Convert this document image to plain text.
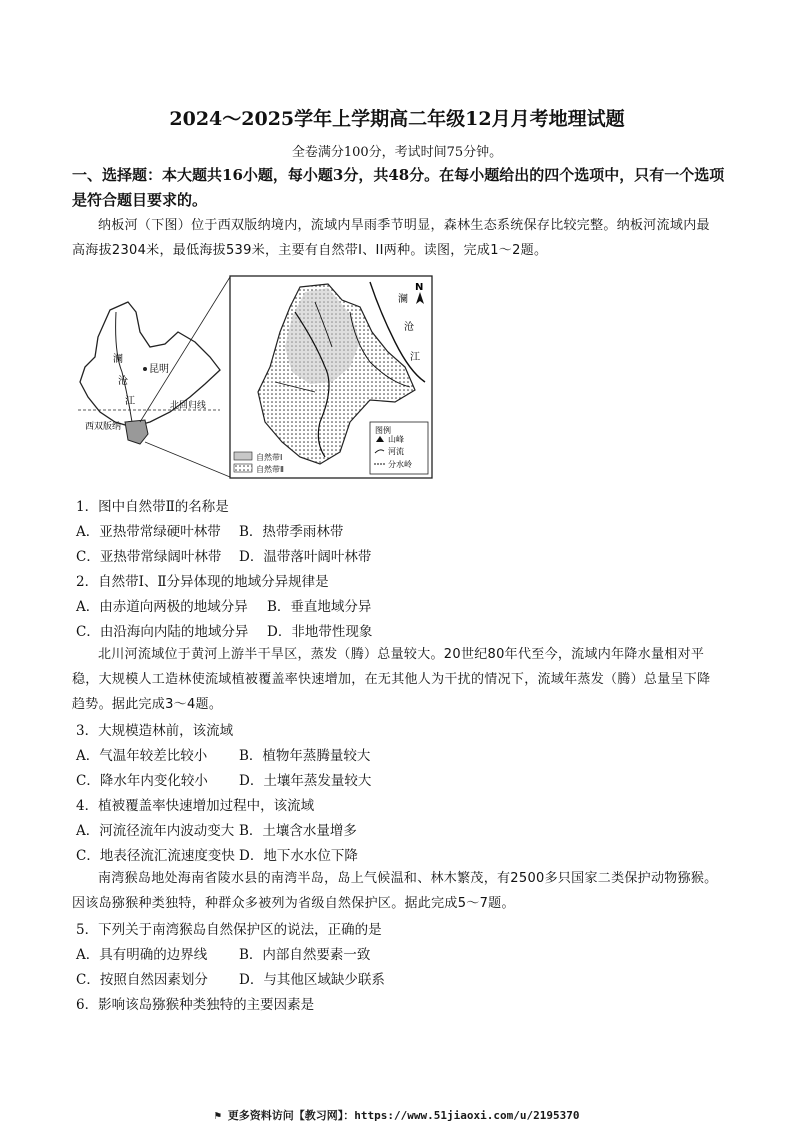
2024～2025学年上学期高二年级12月月考地理试题
全卷满分100分，考试时间75分钟。
一、选择题：本大题共16小题，每小题3分，共48分。在每小题给出的四个选项中，只有一个选项是符合题目要求的。
纳板河（下图）位于西双版纳境内，流域内旱雨季节明显，森林生态系统保存比较完整。纳板河流域内最高海拔2304米，最低海拔539米，主要有自然带I、II两种。读图，完成1～2题。
澜
沧
江
昆明
北回归线
西双版纳
澜
沧
江
N
图例
山峰
河流
分水岭
自然带Ⅰ
自然带Ⅱ
1．图中自然带Ⅱ的名称是
A．亚热带常绿硬叶林带 B．热带季雨林带
C．亚热带常绿阔叶林带 D．温带落叶阔叶林带
2．自然带Ⅰ、Ⅱ分异体现的地域分异规律是
A．由赤道向两极的地域分异 B．垂直地域分异
C．由沿海向内陆的地域分异 D．非地带性现象
北川河流域位于黄河上游半干旱区，蒸发（腾）总量较大。20世纪80年代至今，流域内年降水量相对平稳，大规模人工造林使流域植被覆盖率快速增加，在无其他人为干扰的情况下，流域年蒸发（腾）总量呈下降趋势。据此完成3～4题。
3．大规模造林前，该流域
A．气温年较差比较小 B．植物年蒸腾量较大
C．降水年内变化较小 D．土壤年蒸发量较大
4．植被覆盖率快速增加过程中，该流域
A．河流径流年内波动变大 B．土壤含水量增多
C．地表径流汇流速度变快 D．地下水水位下降
南湾猴岛地处海南省陵水县的南湾半岛，岛上气候温和、林木繁茂，有2500多只国家二类保护动物猕猴。因该岛猕猴种类独特，种群众多被列为省级自然保护区。据此完成5～7题。
5．下列关于南湾猴岛自然保护区的说法，正确的是
A．具有明确的边界线 B．内部自然要素一致
C．按照自然因素划分 D．与其他区域缺少联系
6．影响该岛猕猴种类独特的主要因素是
⚑ 更多资料访问【教习网】：https://www.51jiaoxi.com/u/2195370
